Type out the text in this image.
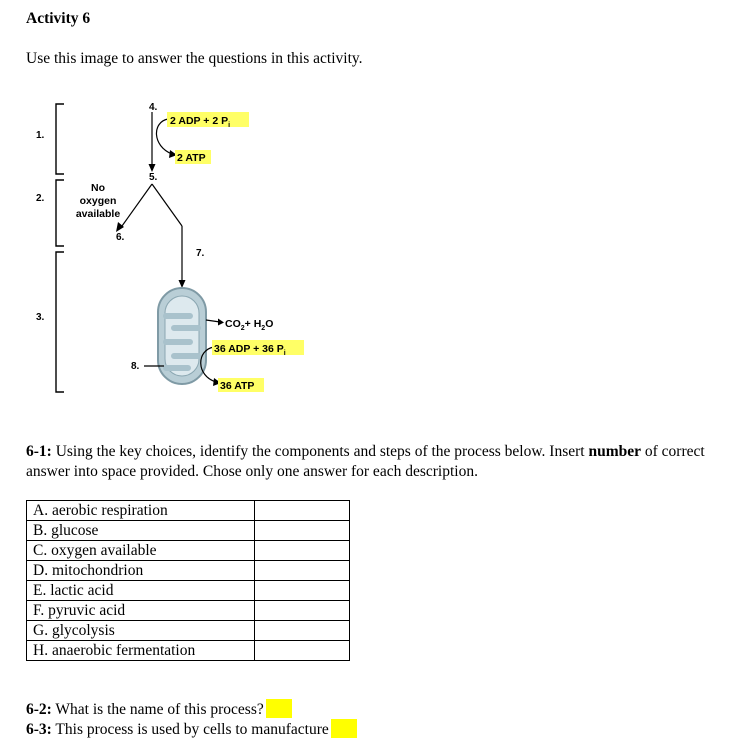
Activity 6
Use this image to answer the questions in this activity.
1.
2.
3.
4.
5.
2 ADP + 2 $P_i$
2 ATP
No
oxygen
available
6.
7.
8.
$CO_2+ H_2O$
36 ADP + 36 $P_i$
36 ATP
6-1: Using the key choices, identify the components and steps of the process below. Insert number of correct answer into space provided. Chose only one answer for each description.
A. aerobic respiration	
B. glucose	
C. oxygen available	
D. mitochondrion	
E. lactic acid	
F. pyruvic acid	
G. glycolysis	
H. anaerobic fermentation	
6-2: What is the name of this process?
6-3: This process is used by cells to manufacture
